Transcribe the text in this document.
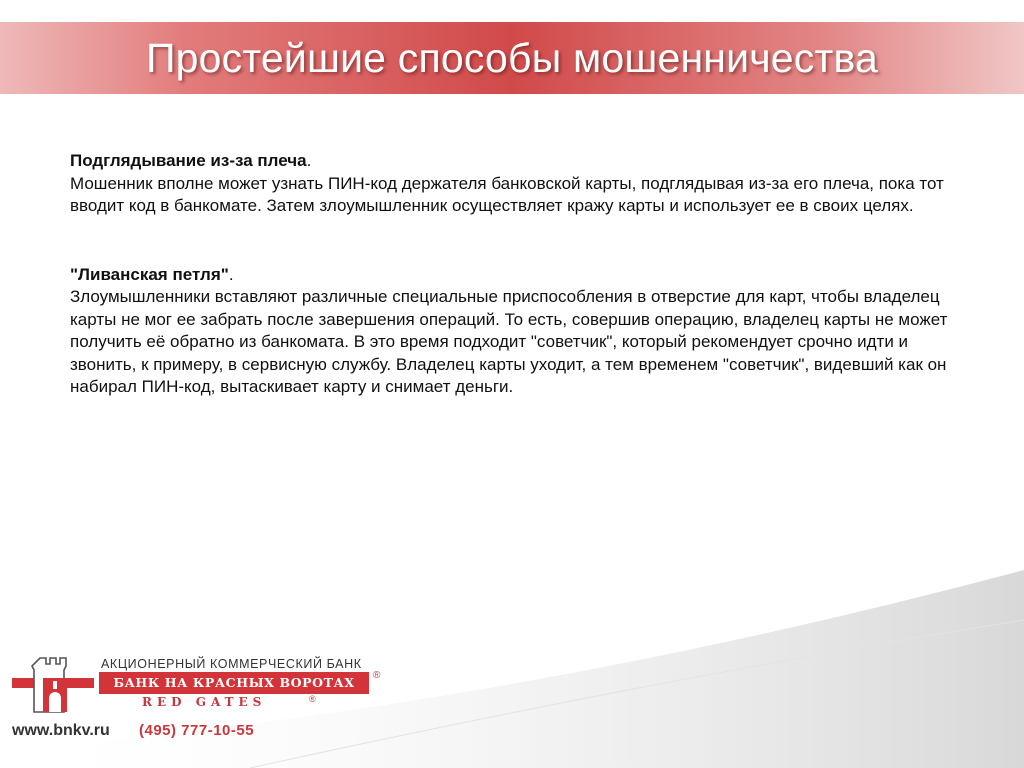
Простейшие способы мошенничества

Подглядывание из-за плеча.

Мошенник вполне может узнать ПИН-код держателя банковской карты, подглядывая из-за его плеча, пока тот вводит код в банкомате. Затем злоумышленник осуществляет кражу карты и использует ее в своих целях.

"Ливанская петля".

Злоумышленники вставляют различные специальные приспособления в отверстие для карт, чтобы владелец карты не мог ее забрать после завершения операций. То есть, совершив операцию, владелец карты не может получить её обратно из банкомата. В это время подходит "советчик", который рекомендует срочно идти и звонить, к примеру, в сервисную службу. Владелец карты уходит, а тем временем "советчик", видевший как он набирал ПИН-код, вытаскивает карту и снимает деньги.

АКЦИОНЕРНЫЙ КОММЕРЧЕСКИЙ БАНК
БАНК НА КРАСНЫХ ВОРОТАХ	®
RED GATES	®
www.bnkv.ru (495) 777-10-55
